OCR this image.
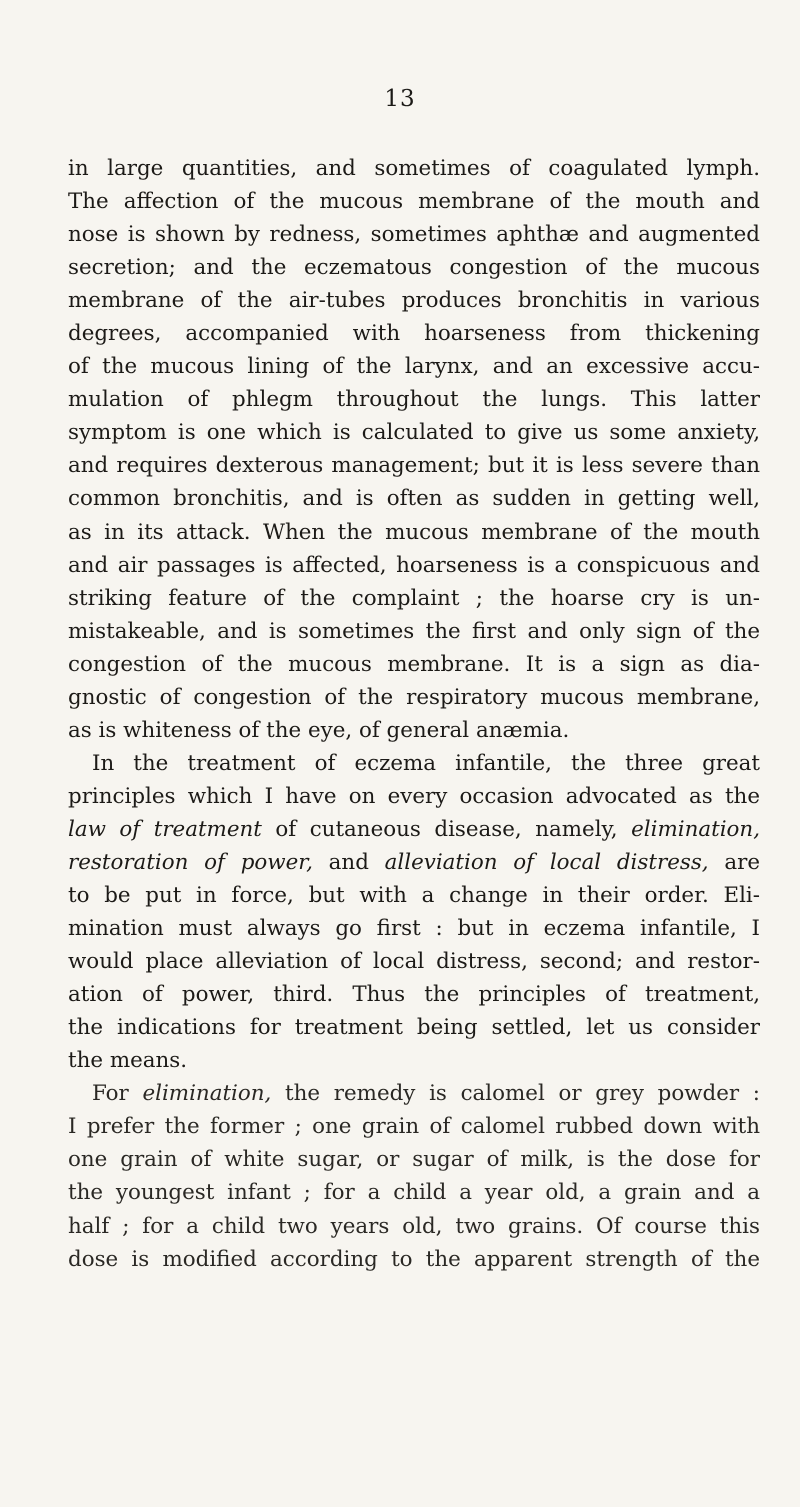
13
in large quantities, and sometimes of coagulated lymph.
The affection of the mucous membrane of the mouth and
nose is shown by redness, sometimes aphthæ and augmented
secretion; and the eczematous congestion of the mucous
membrane of the air-tubes produces bronchitis in various
degrees, accompanied with hoarseness from thickening
of the mucous lining of the larynx, and an excessive accu-
mulation of phlegm throughout the lungs. This latter
symptom is one which is calculated to give us some anxiety,
and requires dexterous management; but it is less severe than
common bronchitis, and is often as sudden in getting well,
as in its attack. When the mucous membrane of the mouth
and air passages is affected, hoarseness is a conspicuous and
striking feature of the complaint ; the hoarse cry is un-
mistakeable, and is sometimes the first and only sign of the
congestion of the mucous membrane. It is a sign as dia-
gnostic of congestion of the respiratory mucous membrane,
as is whiteness of the eye, of general anæmia.
In the treatment of eczema infantile, the three great
principles which I have on every occasion advocated as the
law of treatment of cutaneous disease, namely, elimination,
restoration of power, and alleviation of local distress, are
to be put in force, but with a change in their order. Eli-
mination must always go first : but in eczema infantile, I
would place alleviation of local distress, second; and restor-
ation of power, third. Thus the principles of treatment,
the indications for treatment being settled, let us consider
the means.
For elimination, the remedy is calomel or grey powder :
I prefer the former ; one grain of calomel rubbed down with
one grain of white sugar, or sugar of milk, is the dose for
the youngest infant ; for a child a year old, a grain and a
half ; for a child two years old, two grains. Of course this
dose is modified according to the apparent strength of the
